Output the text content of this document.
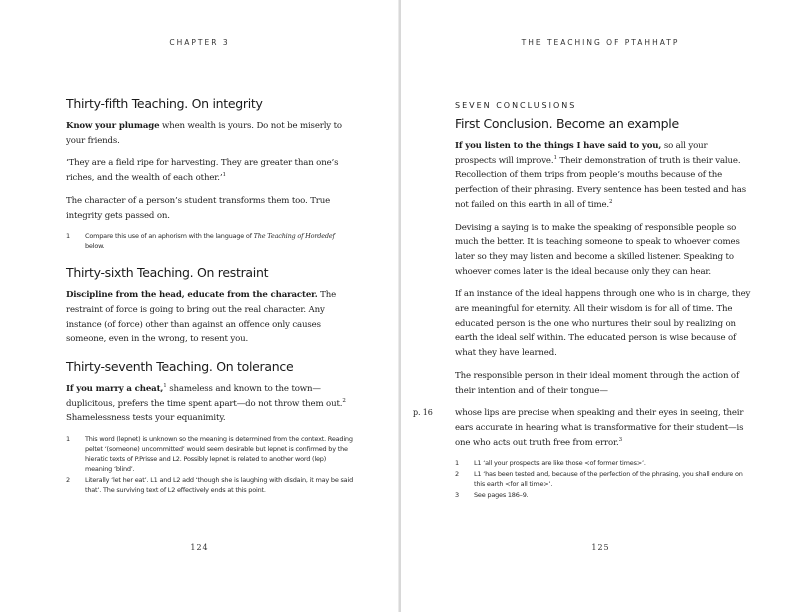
CHAPTER 3
Thirty-fifth Teaching. On integrity

Know your plumage when wealth is yours. Do not be miserly to your friends.

‘They are a field ripe for harvesting. They are greater than one’s riches, and the wealth of each other.’$^1$

The character of a person’s student transforms them too. True integrity gets passed on.

1 Compare this use of an aphorism with the language of The Teaching of Hordedef below.
Thirty-sixth Teaching. On restraint

Discipline from the head, educate from the character. The restraint of force is going to bring out the real character. Any instance (of force) other than against an offence only causes someone, even in the wrong, to resent you.

Thirty-seventh Teaching. On tolerance

If you marry a cheat,$^1$ shameless and known to the town—duplicitous, prefers the time spent apart—do not throw them out.$^2$ Shamelessness tests your equanimity.

1 This word (lepnet) is unknown so the meaning is determined from the context. Reading peltet ‘(someone) uncommitted’ would seem desirable but lepnet is confirmed by the hieratic texts of P.Prisse and L2. Possibly lepnet is related to another word (lep) meaning ‘blind’.
2 Literally ‘let her eat’. L1 and L2 add ‘though she is laughing with disdain, it may be said that’. The surviving text of L2 effectively ends at this point.
124
THE TEACHING OF PTAHHATP
SEVEN CONCLUSIONS
First Conclusion. Become an example

If you listen to the things I have said to you, so all your prospects will improve.$^1$ Their demonstration of truth is their value. Recollection of them trips from people’s mouths because of the perfection of their phrasing. Every sentence has been tested and has not failed on this earth in all of time.$^2$

Devising a saying is to make the speaking of responsible people so much the better. It is teaching someone to speak to whoever comes later so they may listen and become a skilled listener. Speaking to whoever comes later is the ideal because only they can hear.

If an instance of the ideal happens through one who is in charge, they are meaningful for eternity. All their wisdom is for all of time. The educated person is the one who nurtures their soul by realizing on earth the ideal self within. The educated person is wise because of what they have learned.

The responsible person in their ideal moment through the action of their intention and of their tongue—

p. 16	whose lips are precise when speaking and their eyes in seeing, their ears accurate in hearing what is transformative for their student—is one who acts out truth free from error.$^3$

1 L1 ‘all your prospects are like those <of former times>’.
2 L1 ‘has been tested and, because of the perfection of the phrasing, you shall endure on this earth <for all time>’.
3 See pages 186–9.
125
